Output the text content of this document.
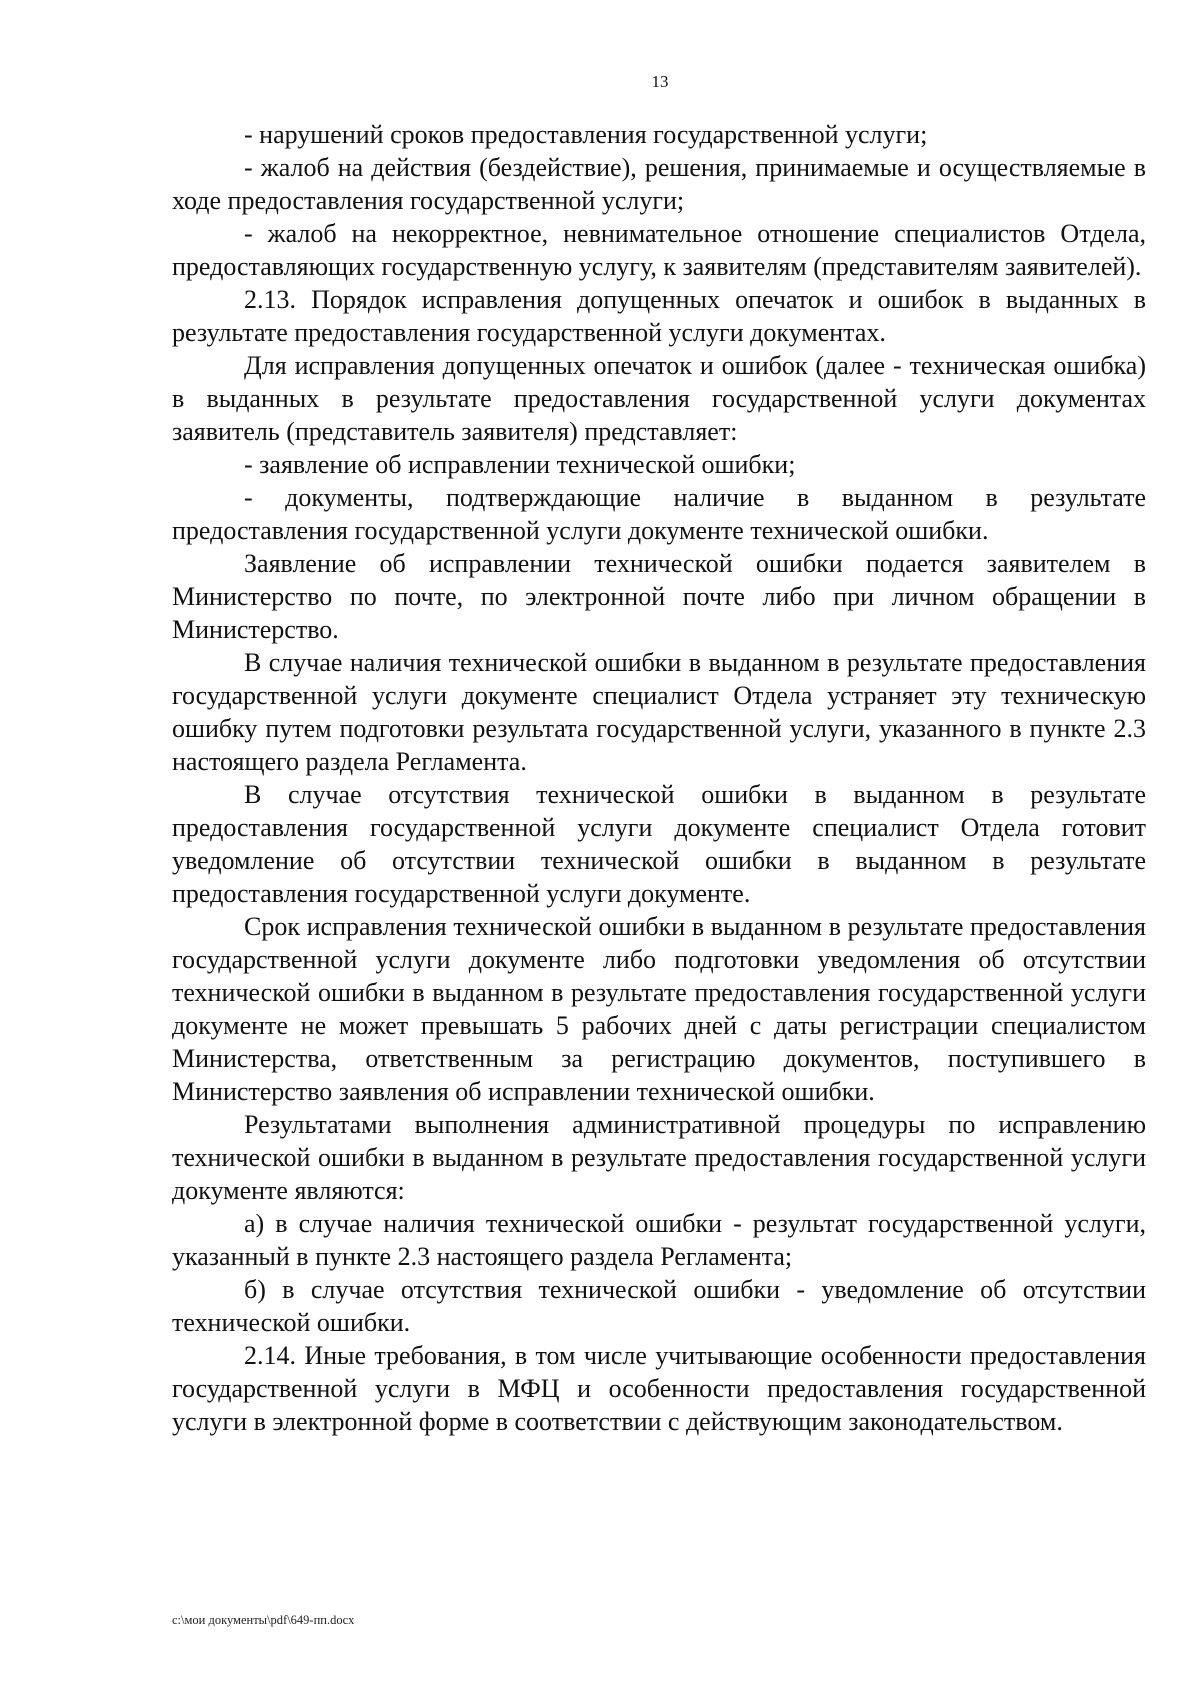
13

- нарушений сроков предоставления государственной услуги;

- жалоб на действия (бездействие), решения, принимаемые и осуществляемые в ходе предоставления государственной услуги;

- жалоб на некорректное, невнимательное отношение специалистов Отдела, предоставляющих государственную услугу, к заявителям (представителям заявителей).

2.13. Порядок исправления допущенных опечаток и ошибок в выданных в результате предоставления государственной услуги документах.

Для исправления допущенных опечаток и ошибок (далее - техническая ошибка) в выданных в результате предоставления государственной услуги документах заявитель (представитель заявителя) представляет:

- заявление об исправлении технической ошибки;

- документы, подтверждающие наличие в выданном в результате предоставления государственной услуги документе технической ошибки.

Заявление об исправлении технической ошибки подается заявителем в Министерство по почте, по электронной почте либо при личном обращении в Министерство.

В случае наличия технической ошибки в выданном в результате предоставления государственной услуги документе специалист Отдела устраняет эту техническую ошибку путем подготовки результата государственной услуги, указанного в пункте 2.3 настоящего раздела Регламента.

В случае отсутствия технической ошибки в выданном в результате предоставления государственной услуги документе специалист Отдела готовит уведомление об отсутствии технической ошибки в выданном в результате предоставления государственной услуги документе.

Срок исправления технической ошибки в выданном в результате предоставления государственной услуги документе либо подготовки уведомления об отсутствии технической ошибки в выданном в результате предоставления государственной услуги документе не может превышать 5 рабочих дней с даты регистрации специалистом Министерства, ответственным за регистрацию документов, поступившего в Министерство заявления об исправлении технической ошибки.

Результатами выполнения административной процедуры по исправлению технической ошибки в выданном в результате предоставления государственной услуги документе являются:

а) в случае наличия технической ошибки - результат государственной услуги, указанный в пункте 2.3 настоящего раздела Регламента;

б) в случае отсутствия технической ошибки - уведомление об отсутствии технической ошибки.

2.14. Иные требования, в том числе учитывающие особенности предоставления государственной услуги в МФЦ и особенности предоставления государственной услуги в электронной форме в соответствии с действующим законодательством.

c:\мои документы\pdf\649-пп.docx
